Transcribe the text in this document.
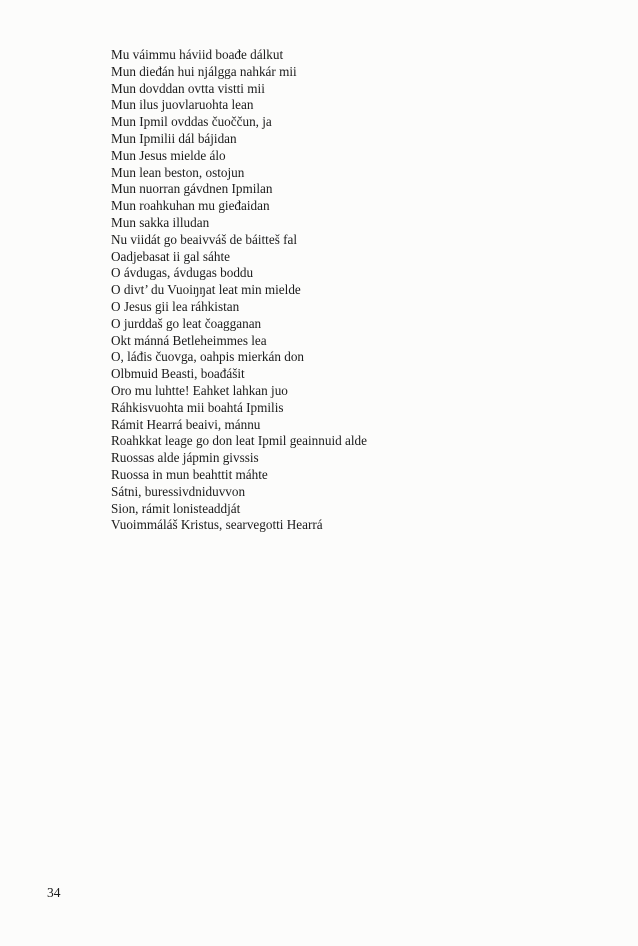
Mu váimmu háviid boađe dálkut
Mun dieđán hui njálgga nahkár mii
Mun dovddan ovtta vistti mii
Mun ilus juovlaruohta lean
Mun Ipmil ovddas čuoččun, ja
Mun Ipmilii dál bájidan
Mun Jesus mielde álo
Mun lean beston, ostojun
Mun nuorran gávdnen Ipmilan
Mun roahkuhan mu gieđaidan
Mun sakka illudan
Nu viidát go beaivváš de báitteš fal
Oadjebasat ii gal sáhte
O ávdugas, ávdugas boddu
O divt’ du Vuoiŋŋat leat min mielde
O Jesus gii lea ráhkistan
O jurddaš go leat čoagganan
Okt mánná Betleheimmes lea
O, láđis čuovga, oahpis mierkán don
Olbmuid Beasti, boađášit
Oro mu luhtte! Eahket lahkan juo
Ráhkisvuohta mii boahtá Ipmilis
Rámit Hearrá beaivi, mánnu
Roahkkat leage go don leat Ipmil geainnuid alde
Ruossas alde jápmin givssis
Ruossa in mun beahttit máhte
Sátni, buressivdniduvvon
Sion, rámit lonisteaddját
Vuoimmáláš Kristus, searvegotti Hearrá
34
